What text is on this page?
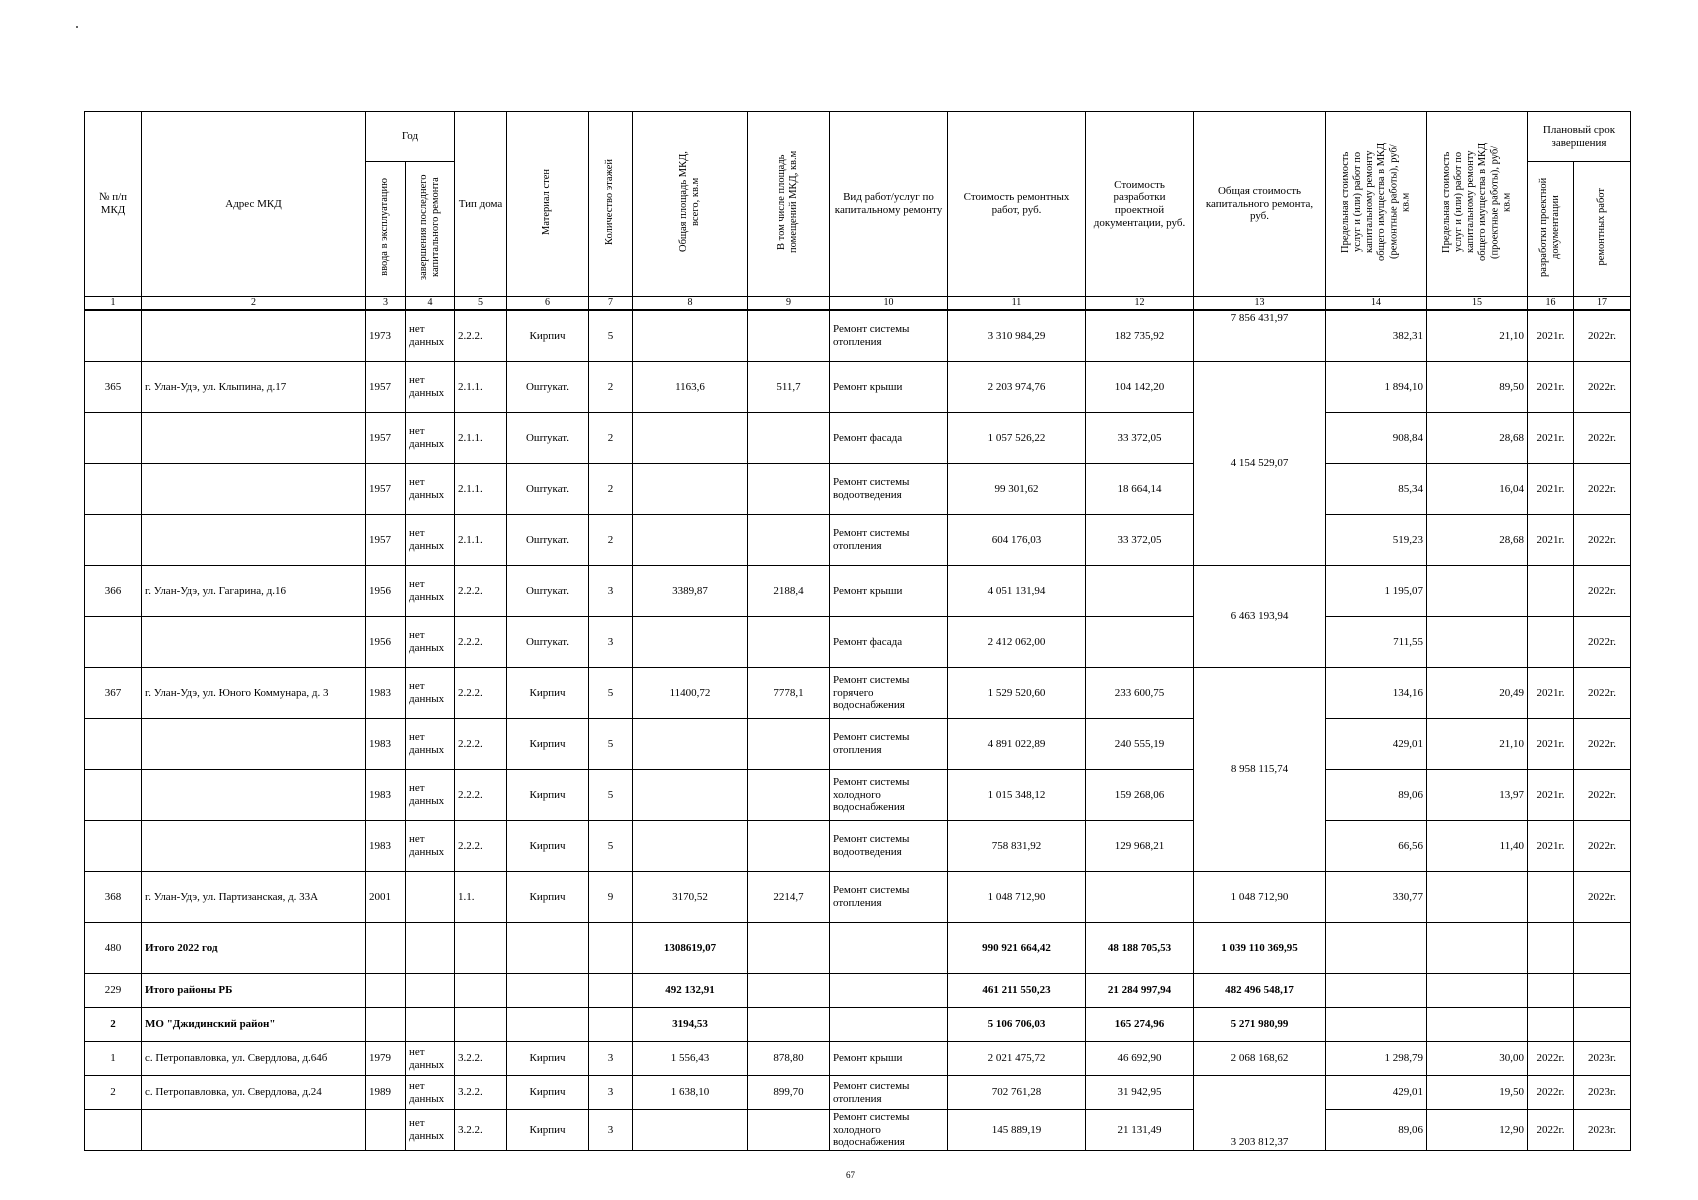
№ п/п МКД	Адрес МКД	Год		Тип дома	Материал стен	Количество этажей	Общая площадь МКД, всего, кв.м	В том числе площадь помещений МКД, кв.м	Вид работ/услуг по капитальному ремонту	Стоимость ремонтных работ, руб.	Стоимость разработки проектной документации, руб.	Общая стоимость капитального ремонта, руб.	Предельная стоимость услуг и (или) работ по капитальному ремонту общего имущества в МКД (ремонтные работы), руб/кв.м	Предельная стоимость услуг и (или) работ по капитальному ремонту общего имущества в МКД (проектные работы), руб/кв.м	Плановый срок завершения	
		ввода в эксплуатацию	завершения последнего капитального ремонта												разработки проектной документации	ремонтных работ
1	2	3	4	5	6	7	8	9	10	11	12	13	14	15	16	17
		1973	нет данных	2.2.2.	Кирпич	5			Ремонт системы отопления	3 310 984,29	182 735,92	7 856 431,97	382,31	21,10	2021г.	2022г.
365	г. Улан-Удэ, ул. Клыпина, д.17	1957	нет данных	2.1.1.	Оштукат.	2	1163,6	511,7	Ремонт крыши	2 203 974,76	104 142,20	4 154 529,07	1 894,10	89,50	2021г.	2022г.
		1957	нет данных	2.1.1.	Оштукат.	2			Ремонт фасада	1 057 526,22	33 372,05		908,84	28,68	2021г.	2022г.
		1957	нет данных	2.1.1.	Оштукат.	2			Ремонт системы водоотведения	99 301,62	18 664,14		85,34	16,04	2021г.	2022г.
		1957	нет данных	2.1.1.	Оштукат.	2			Ремонт системы отопления	604 176,03	33 372,05		519,23	28,68	2021г.	2022г.
366	г. Улан-Удэ, ул. Гагарина, д.16	1956	нет данных	2.2.2.	Оштукат.	3	3389,87	2188,4	Ремонт крыши	4 051 131,94		6 463 193,94	1 195,07			2022г.
		1956	нет данных	2.2.2.	Оштукат.	3			Ремонт фасада	2 412 062,00			711,55			2022г.
367	г. Улан-Удэ, ул. Юного Коммунара, д. 3	1983	нет данных	2.2.2.	Кирпич	5	11400,72	7778,1	Ремонт системы горячего водоснабжения	1 529 520,60	233 600,75	8 958 115,74	134,16	20,49	2021г.	2022г.
		1983	нет данных	2.2.2.	Кирпич	5			Ремонт системы отопления	4 891 022,89	240 555,19		429,01	21,10	2021г.	2022г.
		1983	нет данных	2.2.2.	Кирпич	5			Ремонт системы холодного водоснабжения	1 015 348,12	159 268,06		89,06	13,97	2021г.	2022г.
		1983	нет данных	2.2.2.	Кирпич	5			Ремонт системы водоотведения	758 831,92	129 968,21		66,56	11,40	2021г.	2022г.
368	г. Улан-Удэ, ул. Партизанская, д. 33А	2001		1.1.	Кирпич	9	3170,52	2214,7	Ремонт системы отопления	1 048 712,90		1 048 712,90	330,77			2022г.
480	Итого 2022 год						1308619,07			990 921 664,42	48 188 705,53	1 039 110 369,95				
229	Итого районы РБ						492 132,91			461 211 550,23	21 284 997,94	482 496 548,17				
2	МО "Джидинский район"						3194,53			5 106 706,03	165 274,96	5 271 980,99				
1	с. Петропавловка, ул. Свердлова, д.64б	1979	нет данных	3.2.2.	Кирпич	3	1 556,43	878,80	Ремонт крыши	2 021 475,72	46 692,90	2 068 168,62	1 298,79	30,00	2022г.	2023г.
2	с. Петропавловка, ул. Свердлова, д.24	1989	нет данных	3.2.2.	Кирпич	3	1 638,10	899,70	Ремонт системы отопления	702 761,28	31 942,95	3 203 812,37	429,01	19,50	2022г.	2023г.
			нет данных	3.2.2.	Кирпич	3			Ремонт системы холодного водоснабжения	145 889,19	21 131,49		89,06	12,90	2022г.	2023г.
67
